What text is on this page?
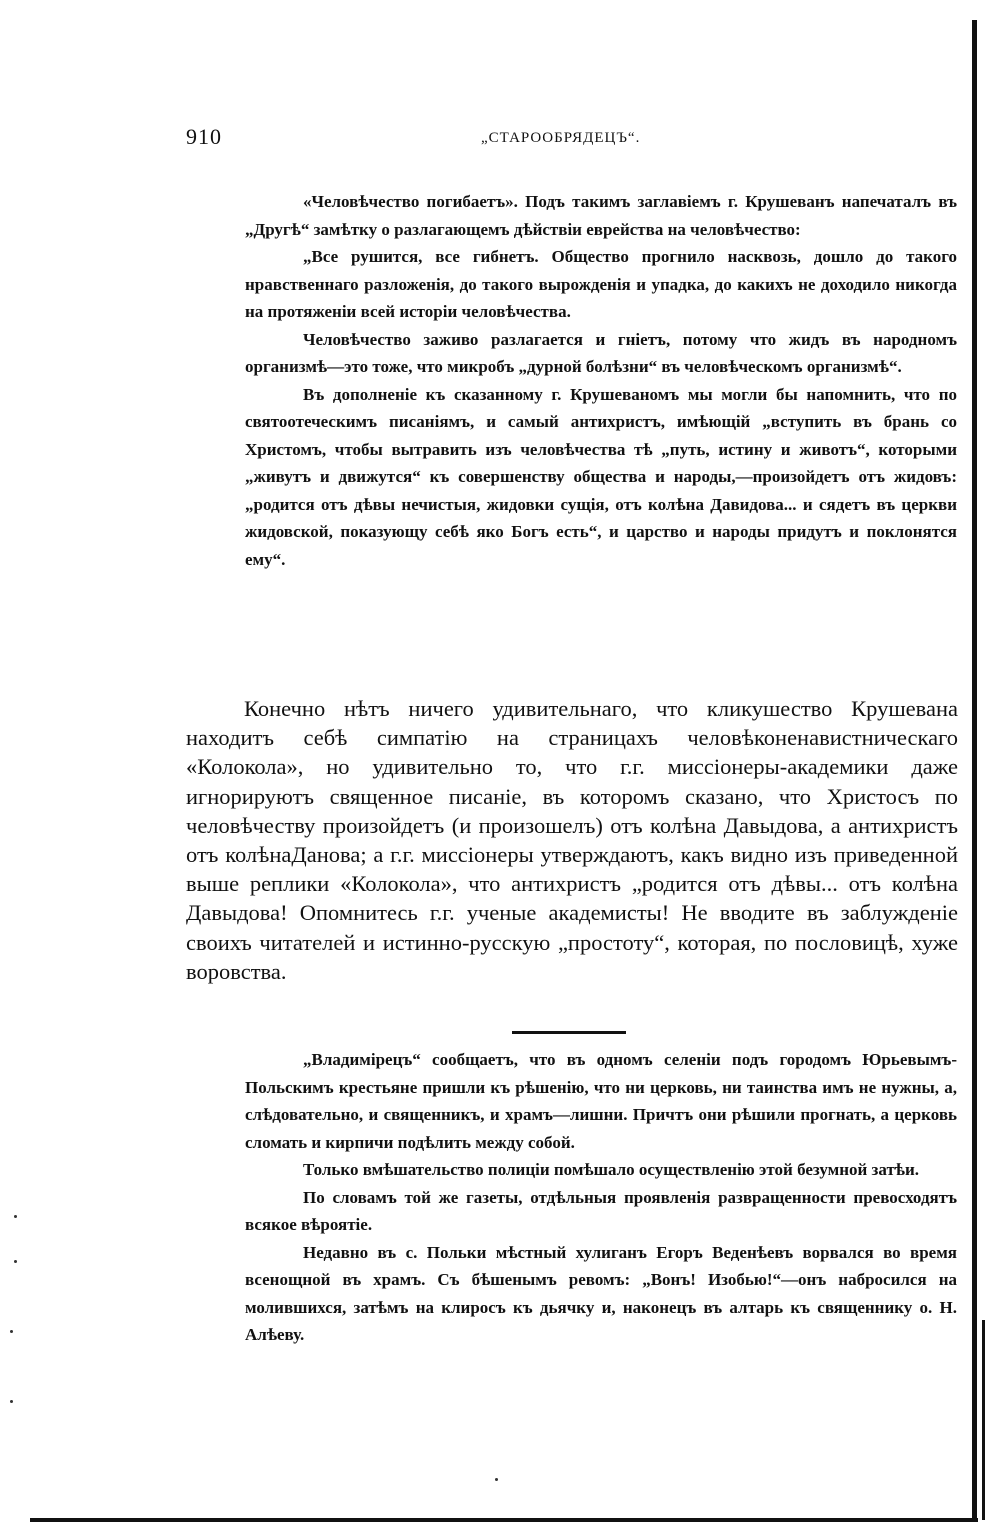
910	„СТАРООБРЯДЕЦЪ“.

«Человѣчество погибаетъ». Подъ такимъ заглавіемъ г. Крушеванъ напечаталъ въ „Другѣ“ замѣтку о разлагающемъ дѣйствіи еврейства на человѣчество:

„Все рушится, все гибнетъ. Общество прогнило насквозь, дошло до такого нравственнаго разложенія, до такого вырожденія и упадка, до какихъ не доходило никогда на протяженіи всей исторіи человѣчества.

Человѣчество заживо разлагается и гніетъ, потому что жидъ въ народномъ организмѣ—это тоже, что микробъ „дурной болѣзни“ въ человѣческомъ организмѣ“.

Въ дополненіе къ сказанному г. Крушеваномъ мы могли бы напомнить, что по святоотеческимъ писаніямъ, и самый антихристъ, имѣющій „вступить въ брань со Христомъ, чтобы вытравить изъ человѣчества тѣ „путь, истину и животъ“, которыми „живутъ и движутся“ къ совершенству общества и народы,—произойдетъ отъ жидовъ: „родится отъ дѣвы нечистыя, жидовки сущія, отъ колѣна Давидова... и сядетъ въ церкви жидовской, показующу себѣ яко Богъ есть“, и царство и народы придутъ и поклонятся ему“.

Конечно нѣтъ ничего удивительнаго, что кликушество Крушевана находитъ себѣ симпатію на страницахъ человѣконенавистническаго «Колокола», но удивительно то, что г.г. миссіонеры-академики даже игнорируютъ священное писаніе, въ которомъ сказано, что Христосъ по человѣчеству произойдетъ (и произошелъ) отъ колѣна Давыдова, а антихристъ отъ колѣнаДанова; а г.г. миссіонеры утверждаютъ, какъ видно изъ приведенной выше реплики «Колокола», что антихристъ „родится отъ дѣвы... отъ колѣна Давыдова! Опомнитесь г.г. ученые академисты! Не вводите въ заблужденіе своихъ читателей и истинно-русскую „простоту“, которая, по пословицѣ, хуже воровства.

„Владимірецъ“ сообщаетъ, что въ одномъ селеніи подъ городомъ Юрьевымъ-Польскимъ крестьяне пришли къ рѣшенію, что ни церковь, ни таинства имъ не нужны, а, слѣдовательно, и священникъ, и храмъ—лишни. Причтъ они рѣшили прогнать, а церковь сломать и кирпичи подѣлить между собой.

Только вмѣшательство полиціи помѣшало осуществленію этой безумной затѣи.

По словамъ той же газеты, отдѣльныя проявленія развращенности превосходятъ всякое вѣроятіе.

Недавно въ с. Польки мѣстный хулиганъ Егоръ Веденѣевъ ворвался во время всенощной въ храмъ. Съ бѣшенымъ ревомъ: „Вонъ! Изобью!“—онъ набросился на молившихся, затѣмъ на клиросъ къ дьячку и, наконецъ въ алтарь къ священнику о. Н. Алѣеву.
